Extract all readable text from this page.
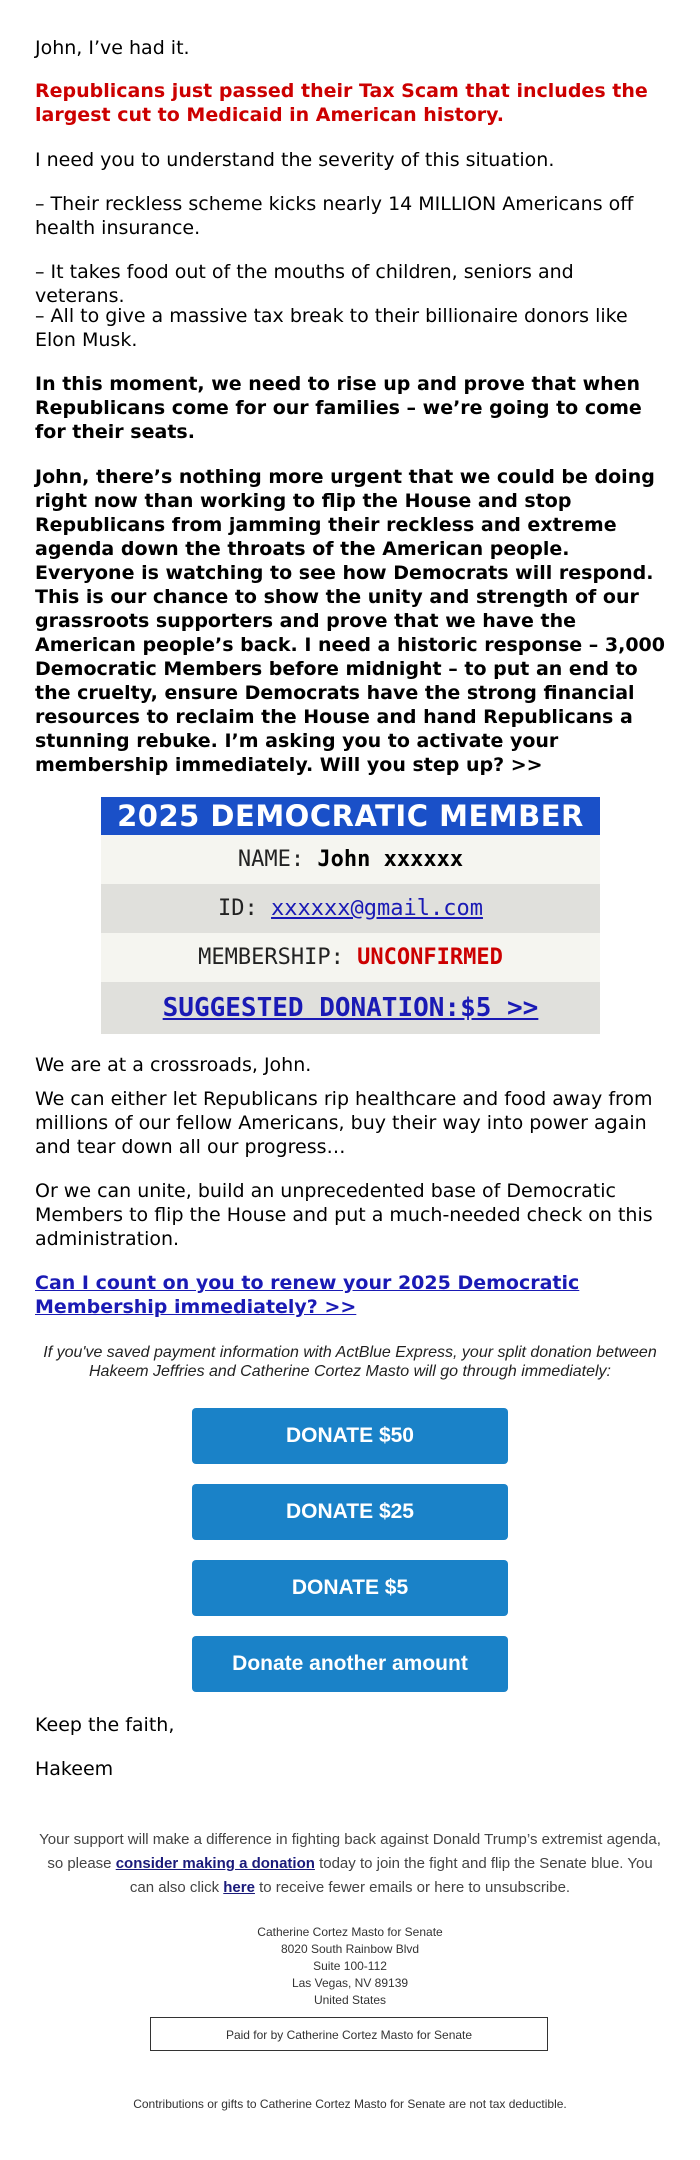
John, I’ve had it.

Republicans just passed their Tax Scam that includes the largest cut to Medicaid in American history.

I need you to understand the severity of this situation.

– Their reckless scheme kicks nearly 14 MILLION Americans off health insurance.

– It takes food out of the mouths of children, seniors and veterans.

– All to give a massive tax break to their billionaire donors like Elon Musk.

In this moment, we need to rise up and prove that when Republicans come for our families – we’re going to come for their seats.

John, there’s nothing more urgent that we could be doing right now than working to flip the House and stop Republicans from jamming their reckless and extreme agenda down the throats of the American people. Everyone is watching to see how Democrats will respond. This is our chance to show the unity and strength of our grassroots supporters and prove that we have the American people’s back. I need a historic response – 3,000 Democratic Members before midnight – to put an end to the cruelty, ensure Democrats have the strong financial resources to reclaim the House and hand Republicans a stunning rebuke. I’m asking you to activate your membership immediately. Will you step up? >>

2025 DEMOCRATIC MEMBER
NAME: John xxxxxx
ID: xxxxxx@gmail.com
MEMBERSHIP: UNCONFIRMED
SUGGESTED DONATION:$5 >>

We are at a crossroads, John.

We can either let Republicans rip healthcare and food away from millions of our fellow Americans, buy their way into power again and tear down all our progress…

Or we can unite, build an unprecedented base of Democratic Members to flip the House and put a much-needed check on this administration.

Can I count on you to renew your 2025 Democratic Membership immediately? >>

If you've saved payment information with ActBlue Express, your split donation between Hakeem Jeffries and Catherine Cortez Masto will go through immediately:

DONATE $50
DONATE $25
DONATE $5
Donate another amount

Keep the faith,

Hakeem

Your support will make a difference in fighting back against Donald Trump’s extremist agenda, so please consider making a donation today to join the fight and flip the Senate blue. You can also click here to receive fewer emails or here to unsubscribe.

Catherine Cortez Masto for Senate
8020 South Rainbow Blvd
Suite 100-112
Las Vegas, NV 89139
United States
Paid for by Catherine Cortez Masto for Senate

Contributions or gifts to Catherine Cortez Masto for Senate are not tax deductible.
